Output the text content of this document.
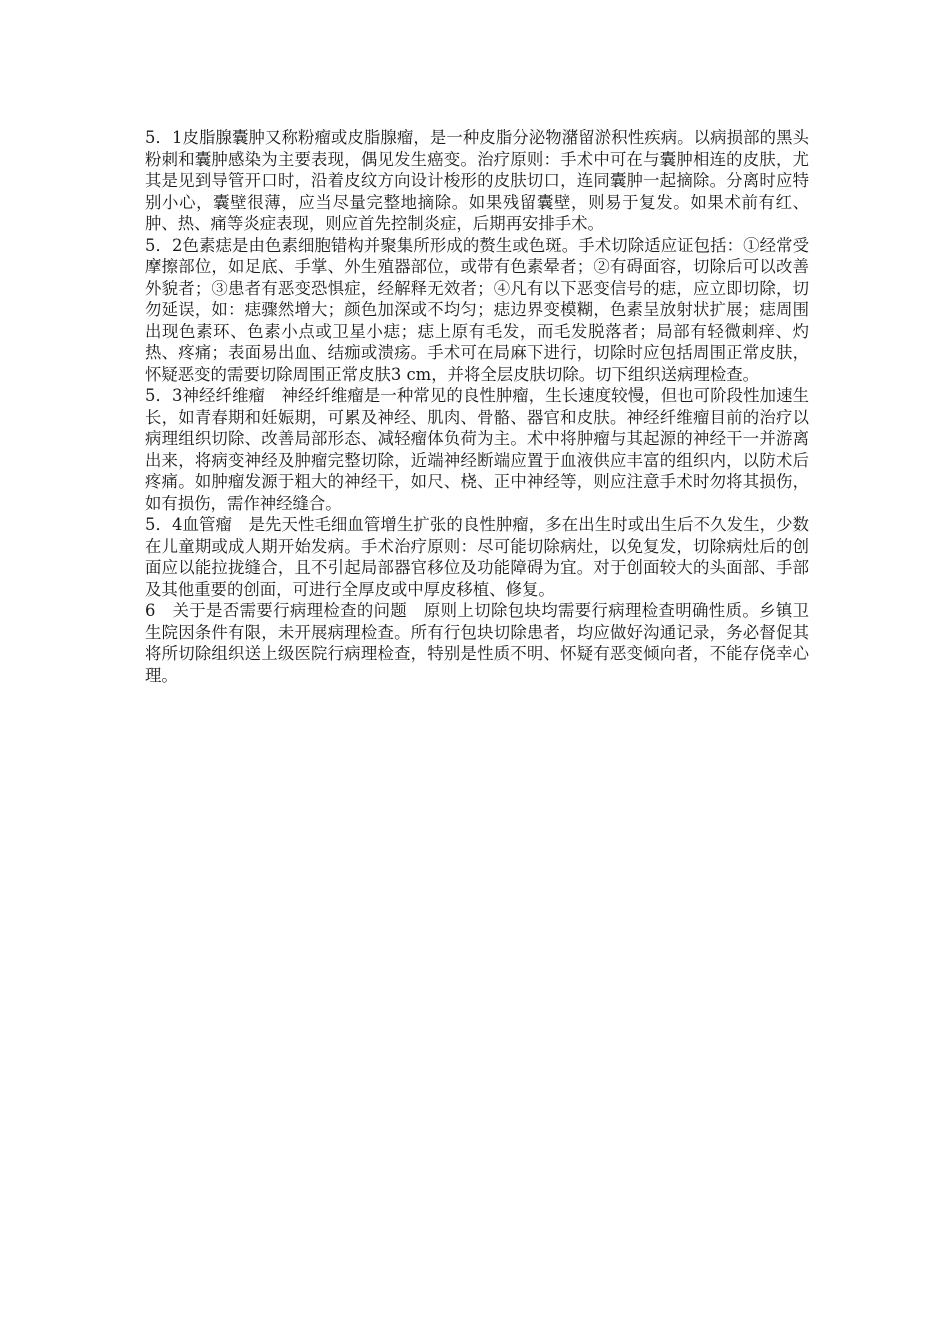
5．1皮脂腺囊肿又称粉瘤或皮脂腺瘤，是一种皮脂分泌物潴留淤积性疾病。以病损部的黑头粉刺和囊肿感染为主要表现，偶见发生癌变。治疗原则：手术中可在与囊肿相连的皮肤，尤其是见到导管开口时，沿着皮纹方向设计梭形的皮肤切口，连同囊肿一起摘除。分离时应特别小心，囊壁很薄，应当尽量完整地摘除。如果残留囊壁，则易于复发。如果术前有红、肿、热、痛等炎症表现，则应首先控制炎症，后期再安排手术。

5．2色素痣是由色素细胞错构并聚集所形成的赘生或色斑。手术切除适应证包括：①经常受摩擦部位，如足底、手掌、外生殖器部位，或带有色素晕者；②有碍面容，切除后可以改善外貌者；③患者有恶变恐惧症，经解释无效者；④凡有以下恶变信号的痣，应立即切除，切勿延误，如：痣骤然增大；颜色加深或不均匀；痣边界变模糊，色素呈放射状扩展；痣周围出现色素环、色素小点或卫星小痣；痣上原有毛发，而毛发脱落者；局部有轻微刺痒、灼热、疼痛；表面易出血、结痂或溃疡。手术可在局麻下进行，切除时应包括周围正常皮肤，怀疑恶变的需要切除周围正常皮肤3 cm，并将全层皮肤切除。切下组织送病理检查。

5．3神经纤维瘤　神经纤维瘤是一种常见的良性肿瘤，生长速度较慢，但也可阶段性加速生长，如青春期和妊娠期，可累及神经、肌肉、骨骼、器官和皮肤。神经纤维瘤目前的治疗以病理组织切除、改善局部形态、减轻瘤体负荷为主。术中将肿瘤与其起源的神经干一并游离出来，将病变神经及肿瘤完整切除，近端神经断端应置于血液供应丰富的组织内，以防术后疼痛。如肿瘤发源于粗大的神经干，如尺、桡、正中神经等，则应注意手术时勿将其损伤，如有损伤，需作神经缝合。

5．4血管瘤　是先天性毛细血管增生扩张的良性肿瘤，多在出生时或出生后不久发生，少数在儿童期或成人期开始发病。手术治疗原则：尽可能切除病灶，以免复发，切除病灶后的创面应以能拉拢缝合，且不引起局部器官移位及功能障碍为宜。对于创面较大的头面部、手部及其他重要的创面，可进行全厚皮或中厚皮移植、修复。

6　关于是否需要行病理检查的问题　原则上切除包块均需要行病理检查明确性质。乡镇卫生院因条件有限，未开展病理检查。所有行包块切除患者，均应做好沟通记录，务必督促其将所切除组织送上级医院行病理检查，特别是性质不明、怀疑有恶变倾向者，不能存侥幸心理。
